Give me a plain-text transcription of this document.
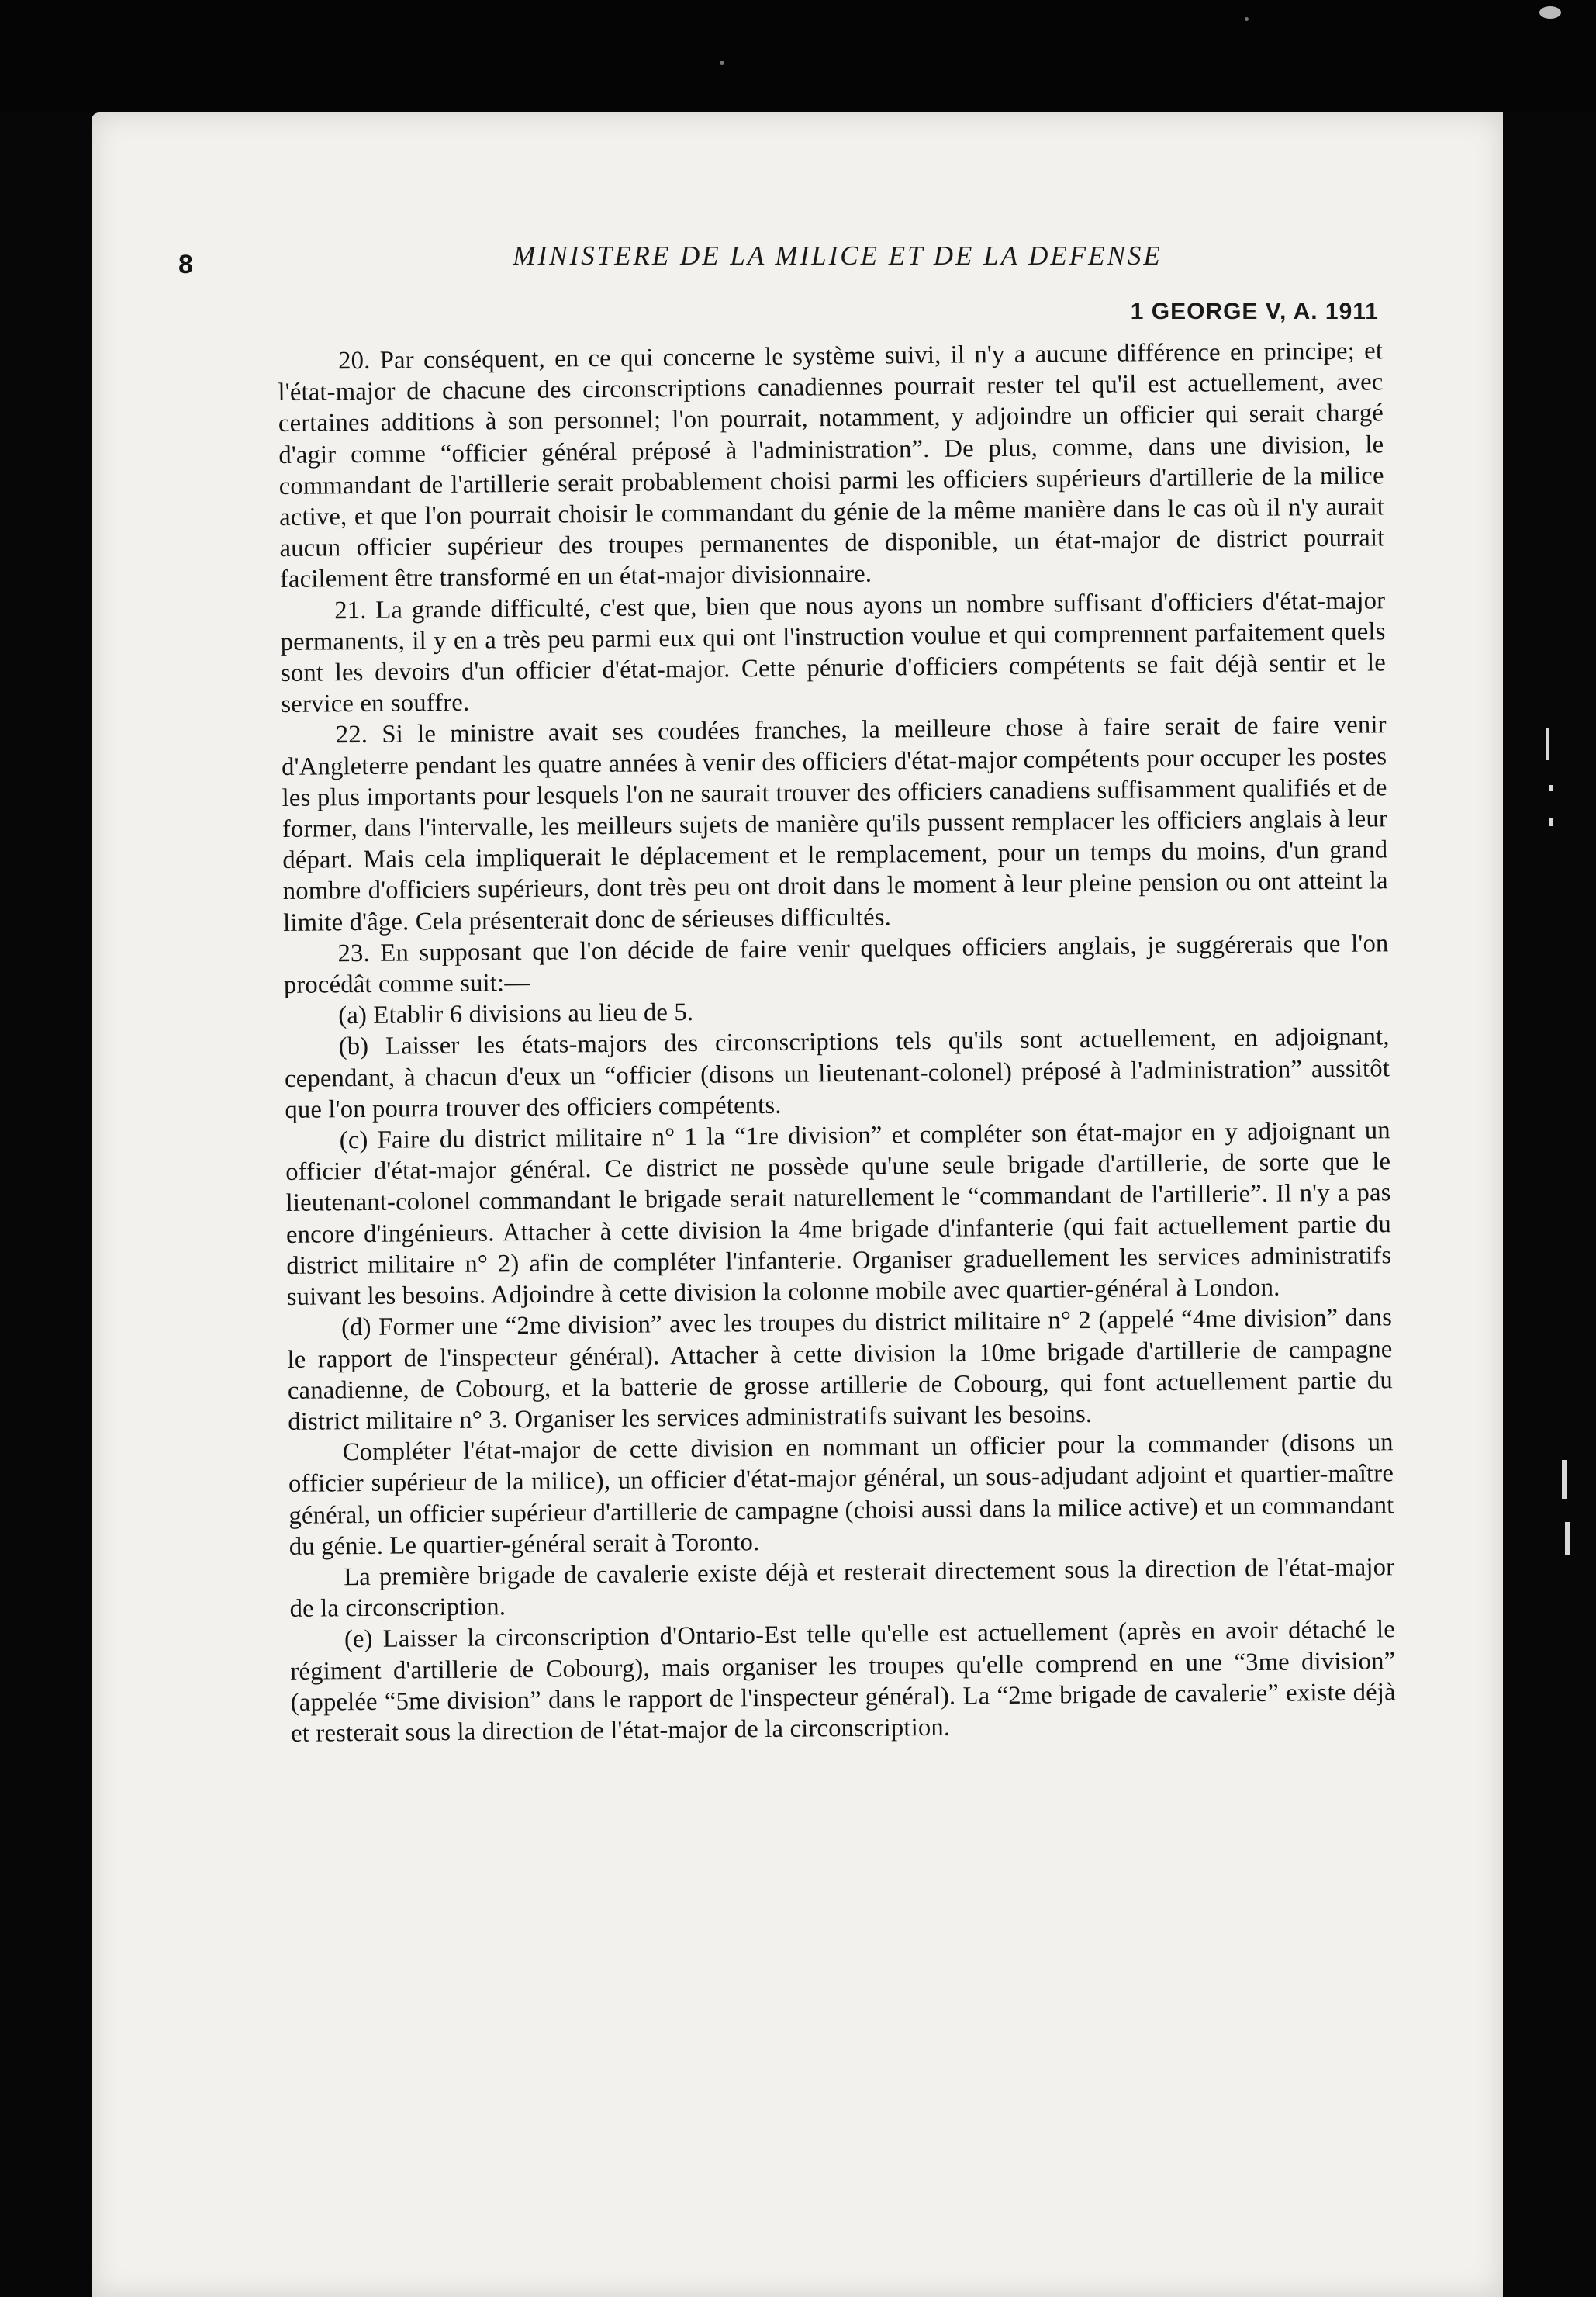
8	MINISTERE DE LA MILICE ET DE LA DEFENSE
1 GEORGE V, A. 1911

20. Par conséquent, en ce qui concerne le système suivi, il n'y a aucune différence en principe; et l'état-major de chacune des circonscriptions canadiennes pourrait rester tel qu'il est actuellement, avec certaines additions à son personnel; l'on pourrait, notamment, y adjoindre un officier qui serait chargé d'agir comme “officier général préposé à l'administration”. De plus, comme, dans une division, le commandant de l'artillerie serait probablement choisi parmi les officiers supérieurs d'artillerie de la milice active, et que l'on pourrait choisir le commandant du génie de la même manière dans le cas où il n'y aurait aucun officier supérieur des troupes permanentes de disponible, un état-major de district pourrait facilement être transformé en un état-major divisionnaire.

21. La grande difficulté, c'est que, bien que nous ayons un nombre suffisant d'officiers d'état-major permanents, il y en a très peu parmi eux qui ont l'instruction voulue et qui comprennent parfaitement quels sont les devoirs d'un officier d'état-major. Cette pénurie d'officiers compétents se fait déjà sentir et le service en souffre.

22. Si le ministre avait ses coudées franches, la meilleure chose à faire serait de faire venir d'Angleterre pendant les quatre années à venir des officiers d'état-major compétents pour occuper les postes les plus importants pour lesquels l'on ne saurait trouver des officiers canadiens suffisamment qualifiés et de former, dans l'intervalle, les meilleurs sujets de manière qu'ils pussent remplacer les officiers anglais à leur départ. Mais cela impliquerait le déplacement et le remplacement, pour un temps du moins, d'un grand nombre d'officiers supérieurs, dont très peu ont droit dans le moment à leur pleine pension ou ont atteint la limite d'âge. Cela présenterait donc de sérieuses difficultés.

23. En supposant que l'on décide de faire venir quelques officiers anglais, je suggérerais que l'on procédât comme suit:—

(a) Etablir 6 divisions au lieu de 5.

(b) Laisser les états-majors des circonscriptions tels qu'ils sont actuellement, en adjoignant, cependant, à chacun d'eux un “officier (disons un lieutenant-colonel) préposé à l'administration” aussitôt que l'on pourra trouver des officiers compétents.

(c) Faire du district militaire n° 1 la “1re division” et compléter son état-major en y adjoignant un officier d'état-major général. Ce district ne possède qu'une seule brigade d'artillerie, de sorte que le lieutenant-colonel commandant le brigade serait naturellement le “commandant de l'artillerie”. Il n'y a pas encore d'ingénieurs. Attacher à cette division la 4me brigade d'infanterie (qui fait actuellement partie du district militaire n° 2) afin de compléter l'infanterie. Organiser graduellement les services administratifs suivant les besoins. Adjoindre à cette division la colonne mobile avec quartier-général à London.

(d) Former une “2me division” avec les troupes du district militaire n° 2 (appelé “4me division” dans le rapport de l'inspecteur général). Attacher à cette division la 10me brigade d'artillerie de campagne canadienne, de Cobourg, et la batterie de grosse artillerie de Cobourg, qui font actuellement partie du district militaire n° 3. Organiser les services administratifs suivant les besoins.

Compléter l'état-major de cette division en nommant un officier pour la commander (disons un officier supérieur de la milice), un officier d'état-major général, un sous-adjudant adjoint et quartier-maître général, un officier supérieur d'artillerie de campagne (choisi aussi dans la milice active) et un commandant du génie. Le quartier-général serait à Toronto.

La première brigade de cavalerie existe déjà et resterait directement sous la direction de l'état-major de la circonscription.

(e) Laisser la circonscription d'Ontario-Est telle qu'elle est actuellement (après en avoir détaché le régiment d'artillerie de Cobourg), mais organiser les troupes qu'elle comprend en une “3me division” (appelée “5me division” dans le rapport de l'inspecteur général). La “2me brigade de cavalerie” existe déjà et resterait sous la direction de l'état-major de la circonscription.
